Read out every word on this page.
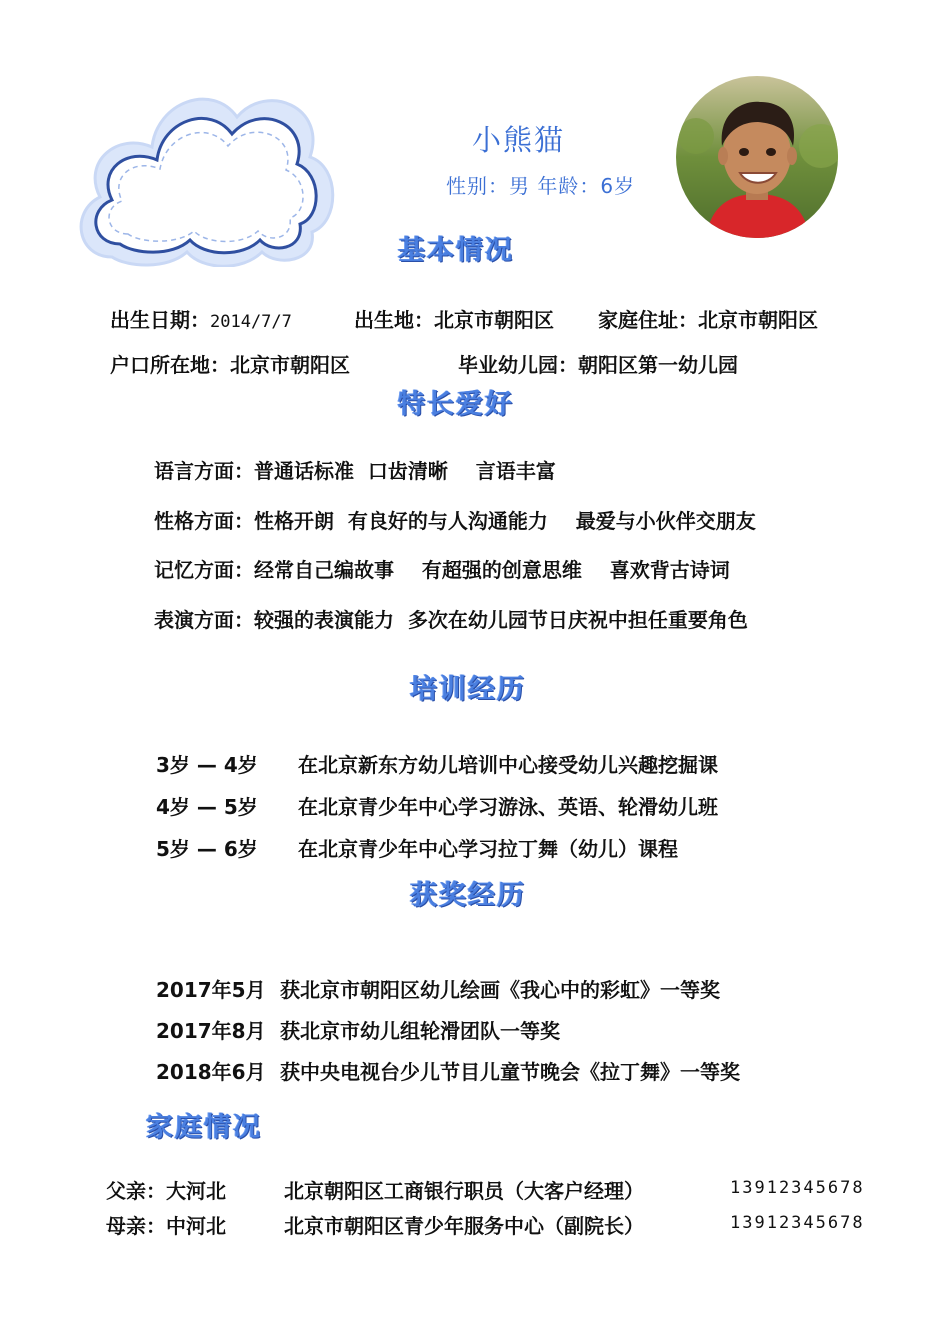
小熊猫
性别：男 年龄：6岁
基本情况
出生日期：2014/7/7	出生地：北京市朝阳区 家庭住址：北京市朝阳区
户口所在地：北京市朝阳区	毕业幼儿园：朝阳区第一幼儿园
特长爱好
语言方面：普通话标准  口齿清晰    言语丰富
性格方面：性格开朗  有良好的与人沟通能力    最爱与小伙伴交朋友
记忆方面：经常自己编故事    有超强的创意思维    喜欢背古诗词
表演方面：较强的表演能力  多次在幼儿园节日庆祝中担任重要角色
培训经历
3岁 — 4岁 在北京新东方幼儿培训中心接受幼儿兴趣挖掘课
4岁 — 5岁 在北京青少年中心学习游泳、英语、轮滑幼儿班
5岁 — 6岁 在北京青少年中心学习拉丁舞（幼儿）课程
获奖经历
2017年5月 获北京市朝阳区幼儿绘画《我心中的彩虹》一等奖
2017年8月 获北京市幼儿组轮滑团队一等奖
2018年6月 获中央电视台少儿节目儿童节晚会《拉丁舞》一等奖
家庭情况
父亲：大河北	北京朝阳区工商银行职员（大客户经理）	13912345678
母亲：中河北	北京市朝阳区青少年服务中心（副院长）	13912345678
